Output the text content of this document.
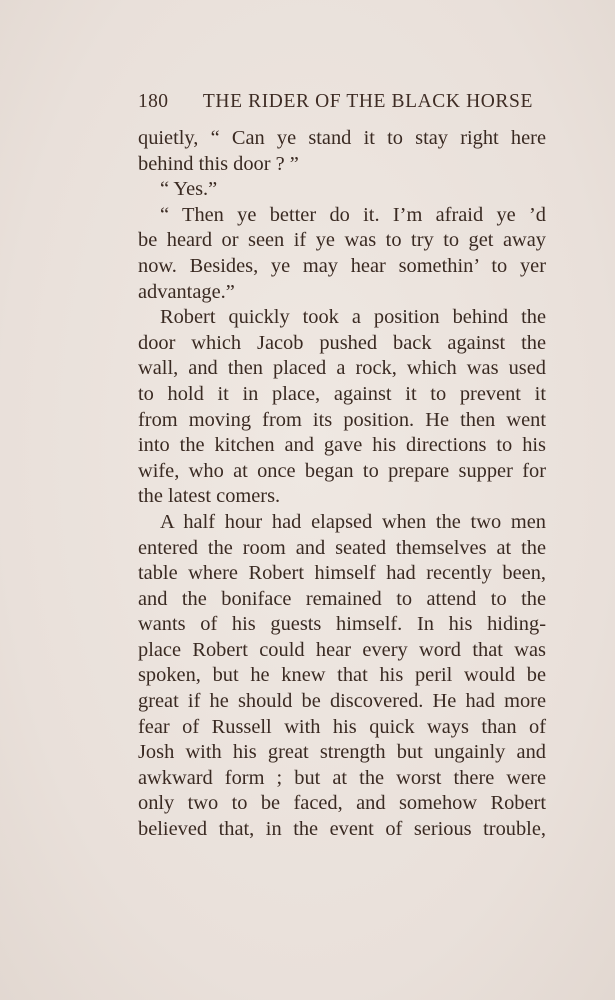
180 THE RIDER OF THE BLACK HORSE
quietly, “ Can ye stand it to stay right here
behind this door ? ”
“ Yes.”
“ Then ye better do it. I’m afraid ye ’d
be heard or seen if ye was to try to get away
now. Besides, ye may hear somethin’ to yer
advantage.”
Robert quickly took a position behind the
door which Jacob pushed back against the
wall, and then placed a rock, which was used
to hold it in place, against it to prevent it
from moving from its position. He then went
into the kitchen and gave his directions to his
wife, who at once began to prepare supper for
the latest comers.
A half hour had elapsed when the two men
entered the room and seated themselves at the
table where Robert himself had recently been,
and the boniface remained to attend to the
wants of his guests himself. In his hiding-
place Robert could hear every word that was
spoken, but he knew that his peril would be
great if he should be discovered. He had more
fear of Russell with his quick ways than of
Josh with his great strength but ungainly and
awkward form ; but at the worst there were
only two to be faced, and somehow Robert
believed that, in the event of serious trouble,
